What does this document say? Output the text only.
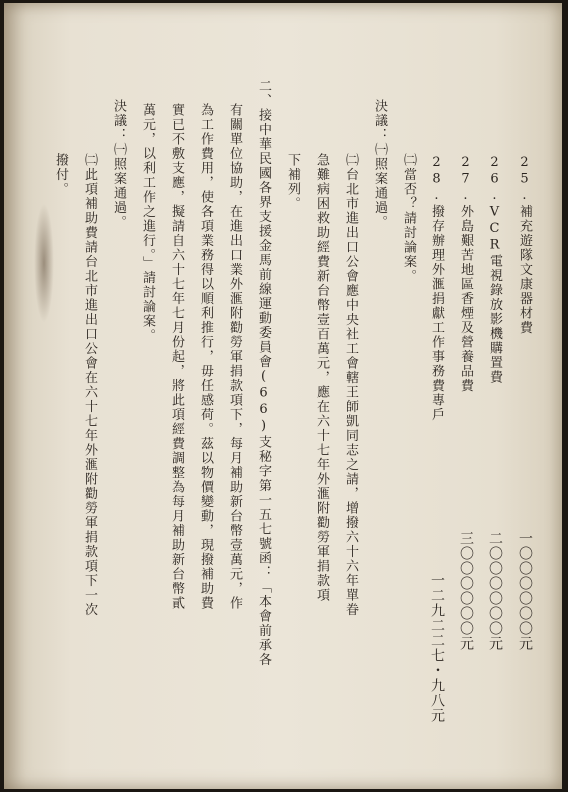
25.補充遊隊文康器材費
26.VCR電視錄放影機購置費
27.外島艱苦地區香煙及營養品費
28.撥存辦理外滙捐獻工作事務費專戶
一〇〇〇〇〇〇元
二〇〇〇〇〇〇元
三〇〇〇〇〇〇元
一二九二二七・九八元
㈡當否？請討論案。
決議：㈠照案通過。
㈡台北市進出口公會應中央社工會轄王師凱同志之請，增撥六十六年單眷
急難病困救助經費新台幣壹百萬元，應在六十七年外滙附勸勞軍捐款項
下補列。
二、接中華民國各界支援金馬前線運動委員會(66)支秘字第一五七號函：「本會前承各
有關單位協助，在進出口業外滙附勸勞軍捐款項下，每月補助新台幣壹萬元，作
為工作費用，使各項業務得以順利推行，毋任感荷。茲以物價變動，現撥補助費
實已不敷支應，擬請自六十七年七月份起，將此項經費調整為每月補助新台幣貳
萬元，以利工作之進行。」請討論案。
決議：㈠照案通過。
㈡此項補助費請台北市進出口公會在六十七年外滙附勸勞軍捐款項下一次
撥付。
